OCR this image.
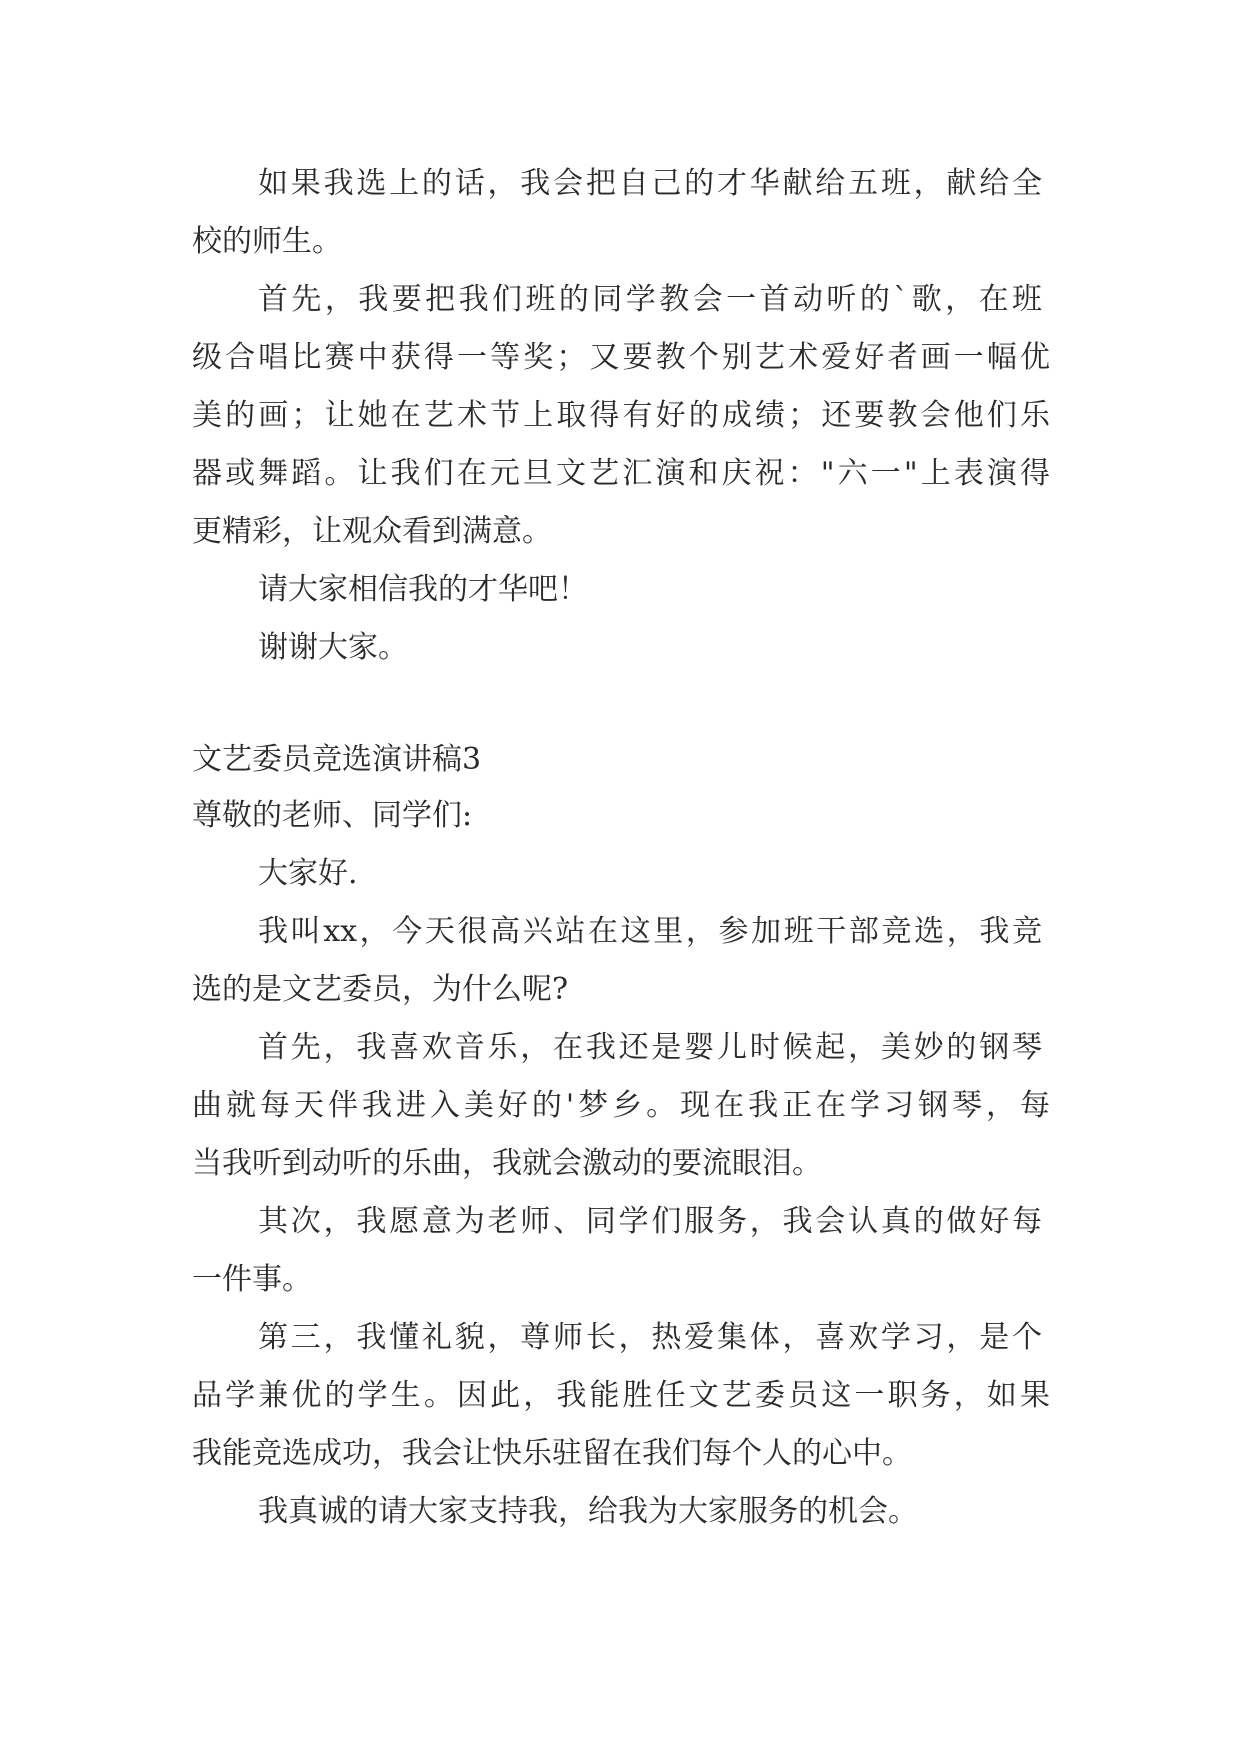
如果我选上的话，我会把自己的才华献给五班，献给全
校的师生。
首先，我要把我们班的同学教会一首动听的`歌，在班
级合唱比赛中获得一等奖；又要教个别艺术爱好者画一幅优
美的画；让她在艺术节上取得有好的成绩；还要教会他们乐
器或舞蹈。让我们在元旦文艺汇演和庆祝："六一"上表演得
更精彩，让观众看到满意。
请大家相信我的才华吧！
谢谢大家。
文艺委员竞选演讲稿3
尊敬的老师、同学们:
大家好.
我叫xx，今天很高兴站在这里，参加班干部竞选，我竞
选的是文艺委员，为什么呢?
首先，我喜欢音乐，在我还是婴儿时候起，美妙的钢琴
曲就每天伴我进入美好的'梦乡。现在我正在学习钢琴，每
当我听到动听的乐曲，我就会激动的要流眼泪。
其次，我愿意为老师、同学们服务，我会认真的做好每
一件事。
第三，我懂礼貌，尊师长，热爱集体，喜欢学习，是个
品学兼优的学生。因此，我能胜任文艺委员这一职务，如果
我能竞选成功，我会让快乐驻留在我们每个人的心中。
我真诚的请大家支持我，给我为大家服务的机会。
